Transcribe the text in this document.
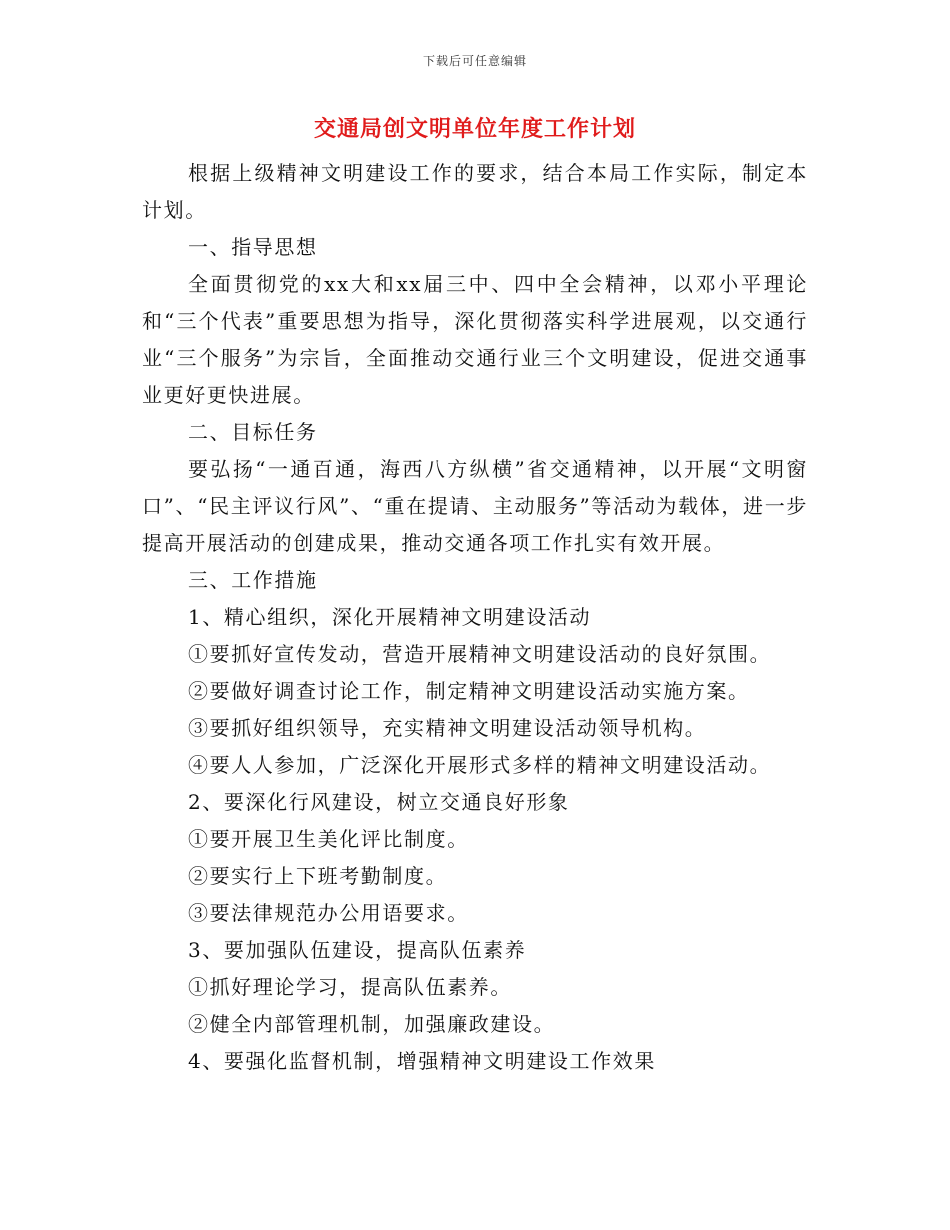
下载后可任意编辑
交通局创文明单位年度工作计划

根据上级精神文明建设工作的要求，结合本局工作实际，制定本计划。

一、指导思想

全面贯彻党的xx大和xx届三中、四中全会精神，以邓小平理论和“三个代表”重要思想为指导，深化贯彻落实科学进展观，以交通行业“三个服务”为宗旨，全面推动交通行业三个文明建设，促进交通事业更好更快进展。

二、目标任务

要弘扬“一通百通，海西八方纵横”省交通精神，以开展“文明窗口”、“民主评议行风”、“重在提请、主动服务”等活动为载体，进一步提高开展活动的创建成果，推动交通各项工作扎实有效开展。

三、工作措施

1、精心组织，深化开展精神文明建设活动

①要抓好宣传发动，营造开展精神文明建设活动的良好氛围。

②要做好调查讨论工作，制定精神文明建设活动实施方案。

③要抓好组织领导，充实精神文明建设活动领导机构。

④要人人参加，广泛深化开展形式多样的精神文明建设活动。

2、要深化行风建设，树立交通良好形象

①要开展卫生美化评比制度。

②要实行上下班考勤制度。

③要法律规范办公用语要求。

3、要加强队伍建设，提高队伍素养

①抓好理论学习，提高队伍素养。

②健全内部管理机制，加强廉政建设。

4、要强化监督机制，增强精神文明建设工作效果
